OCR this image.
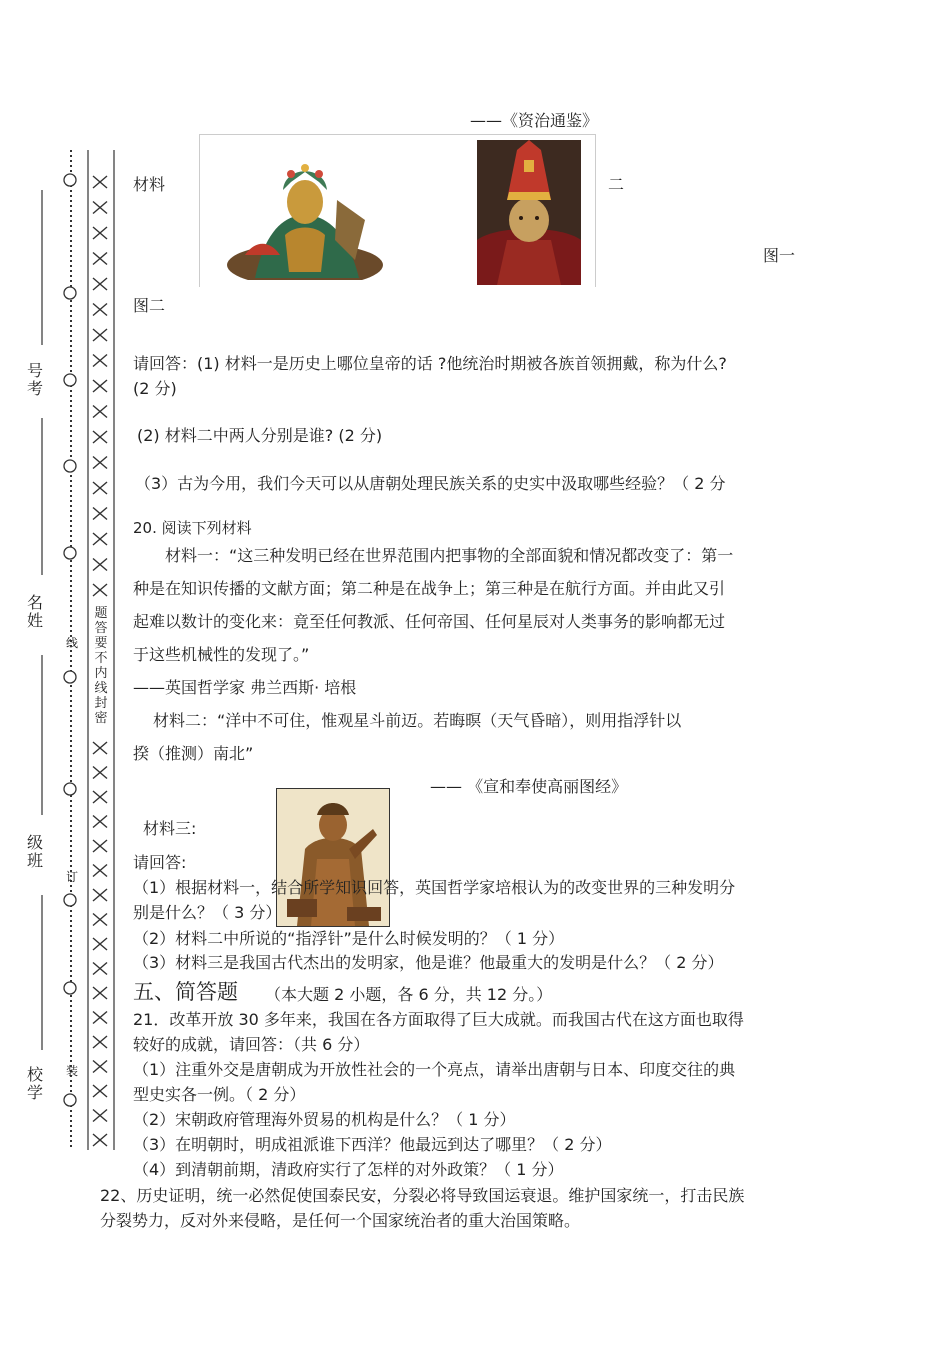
号考
名姓
级班
校学
线
订
装
题答要不内线封密
——《资治通鉴》
材料	二
图一
图二
请回答：(1) 材料一是历史上哪位皇帝的话 ?他统治时期被各族首领拥戴，称为什么?
(2 分)
(2) 材料二中两人分别是谁? (2 分)
（3）古为今用，我们今天可以从唐朝处理民族关系的史实中汲取哪些经验？（ 2 分
20. 阅读下列材料
材料一：“这三种发明已经在世界范围内把事物的全部面貌和情况都改变了：第一
种是在知识传播的文献方面；第二种是在战争上；第三种是在航行方面。并由此又引
起难以数计的变化来：竟至任何教派、任何帝国、任何星辰对人类事务的影响都无过
于这些机械性的发现了。”
——英国哲学家 弗兰西斯· 培根
材料二：“洋中不可住，惟观星斗前迈。若晦暝（天气昏暗），则用指浮针以
揆（推测）南北”
—— 《宣和奉使高丽图经》
材料三:
请回答:
（1）根据材料一，结合所学知识回答，英国哲学家培根认为的改变世界的三种发明分
别是什么？（ 3 分）
（2）材料二中所说的“指浮针”是什么时候发明的？（ 1 分）
（3）材料三是我国古代杰出的发明家，他是谁？他最重大的发明是什么？（ 2 分）
五、简答题 （本大题 2 小题，各 6 分，共 12 分。）
21．改革开放 30 多年来，我国在各方面取得了巨大成就。而我国古代在这方面也取得
较好的成就，请回答：（共 6 分）
（1）注重外交是唐朝成为开放性社会的一个亮点，请举出唐朝与日本、印度交往的典
型史实各一例。（ 2 分）
（2）宋朝政府管理海外贸易的机构是什么？（ 1 分）
（3）在明朝时，明成祖派谁下西洋？他最远到达了哪里？（ 2 分）
（4）到清朝前期，清政府实行了怎样的对外政策？（ 1 分）
22、历史证明，统一必然促使国泰民安，分裂必将导致国运衰退。维护国家统一，打击民族
分裂势力，反对外来侵略，是任何一个国家统治者的重大治国策略。
